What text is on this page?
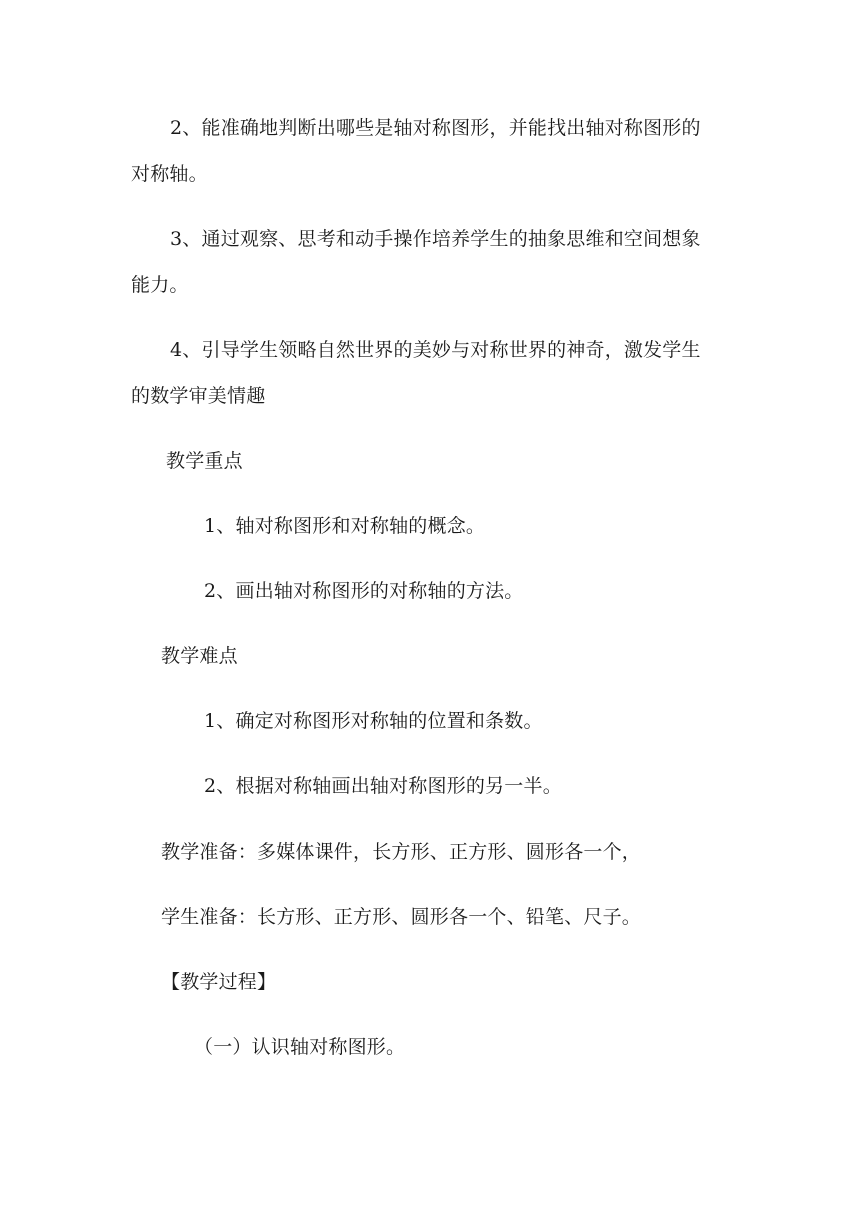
2、能准确地判断出哪些是轴对称图形，并能找出轴对称图形的
对称轴。
3、通过观察、思考和动手操作培养学生的抽象思维和空间想象
能力。
4、引导学生领略自然世界的美妙与对称世界的神奇，激发学生
的数学审美情趣
教学重点
1、轴对称图形和对称轴的概念。
2、画出轴对称图形的对称轴的方法。
教学难点
1、确定对称图形对称轴的位置和条数。
2、根据对称轴画出轴对称图形的另一半。
教学准备：多媒体课件，长方形、正方形、圆形各一个，
学生准备：长方形、正方形、圆形各一个、铅笔、尺子。
【教学过程】
（一）认识轴对称图形。
